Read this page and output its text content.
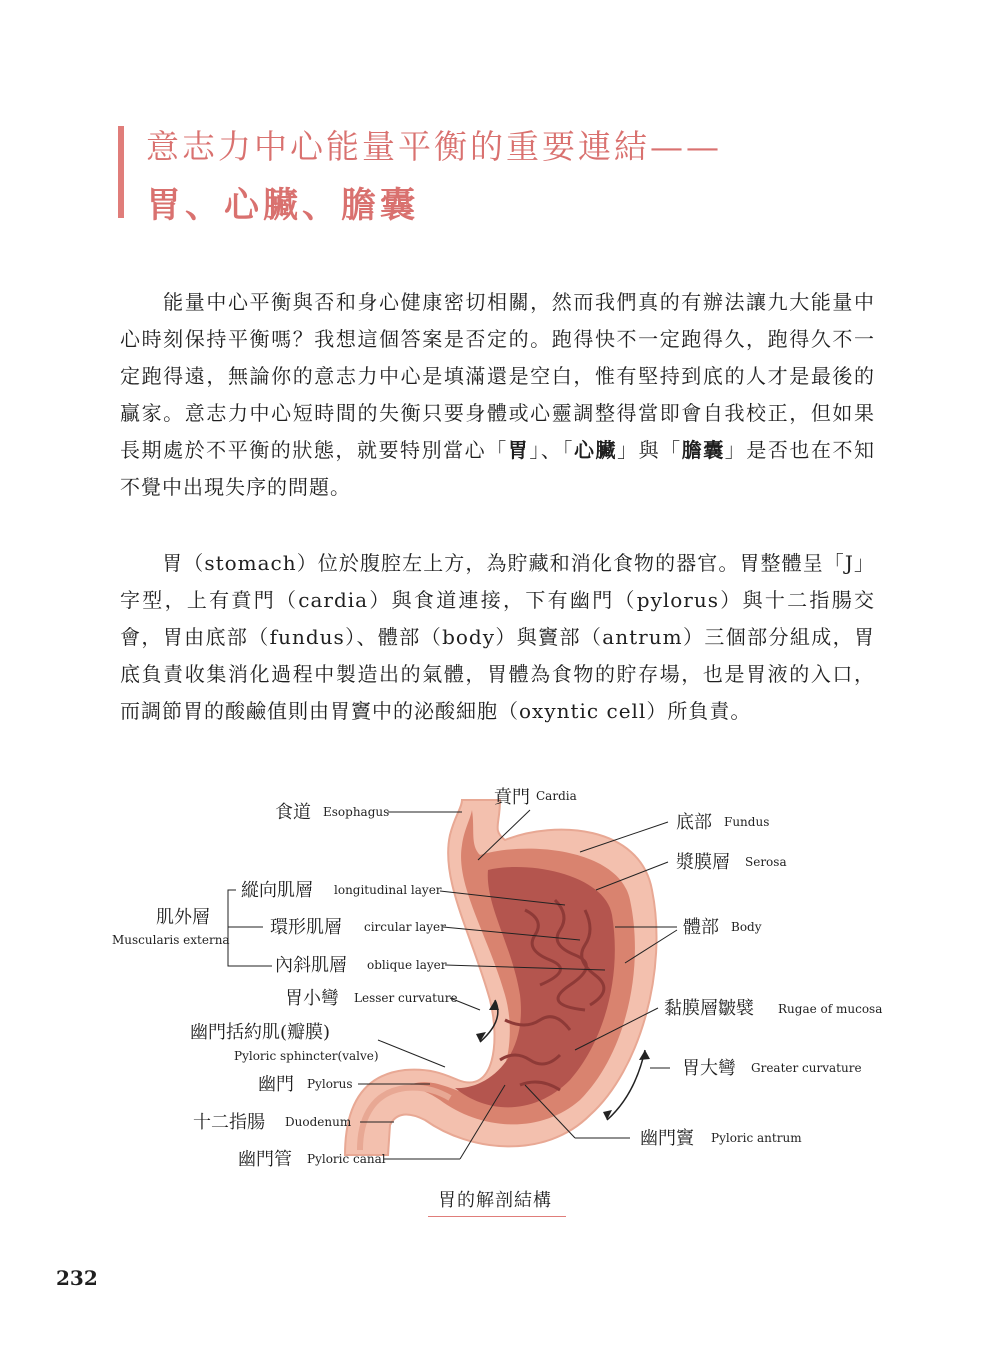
意志力中心能量平衡的重要連結——
胃、心臟、膽囊
　　能量中心平衡與否和身心健康密切相關，然而我們真的有辦法讓九大能量中心時刻保持平衡嗎？我想這個答案是否定的。跑得快不一定跑得久，跑得久不一定跑得遠，無論你的意志力中心是填滿還是空白，惟有堅持到底的人才是最後的贏家。意志力中心短時間的失衡只要身體或心靈調整得當即會自我校正，但如果長期處於不平衡的狀態，就要特別當心「胃」、「心臟」與「膽囊」是否也在不知不覺中出現失序的問題。
　　胃（stomach）位於腹腔左上方，為貯藏和消化食物的器官。胃整體呈「J」字型，上有賁門（cardia）與食道連接，下有幽門（pylorus）與十二指腸交會，胃由底部（fundus）、體部（body）與竇部（antrum）三個部分組成，胃底負責收集消化過程中製造出的氣體，胃體為食物的貯存場，也是胃液的入口，而調節胃的酸鹼值則由胃竇中的泌酸細胞（oxyntic cell）所負責。
食道 Esophagus
賁門 Cardia
底部 Fundus
漿膜層 Serosa
縱向肌層 longitudinal layer
肌外層
Muscularis externa
環形肌層 circular layer	體部 Body
內斜肌層 oblique layer
胃小彎 Lesser curvature	黏膜層皺襞 Rugae of mucosa
幽門括約肌(瓣膜)
Pyloric sphincter(valve)
胃大彎 Greater curvature
幽門 Pylorus
十二指腸 Duodenum
幽門竇 Pyloric antrum
幽門管 Pyloric canal
胃的解剖結構
232
